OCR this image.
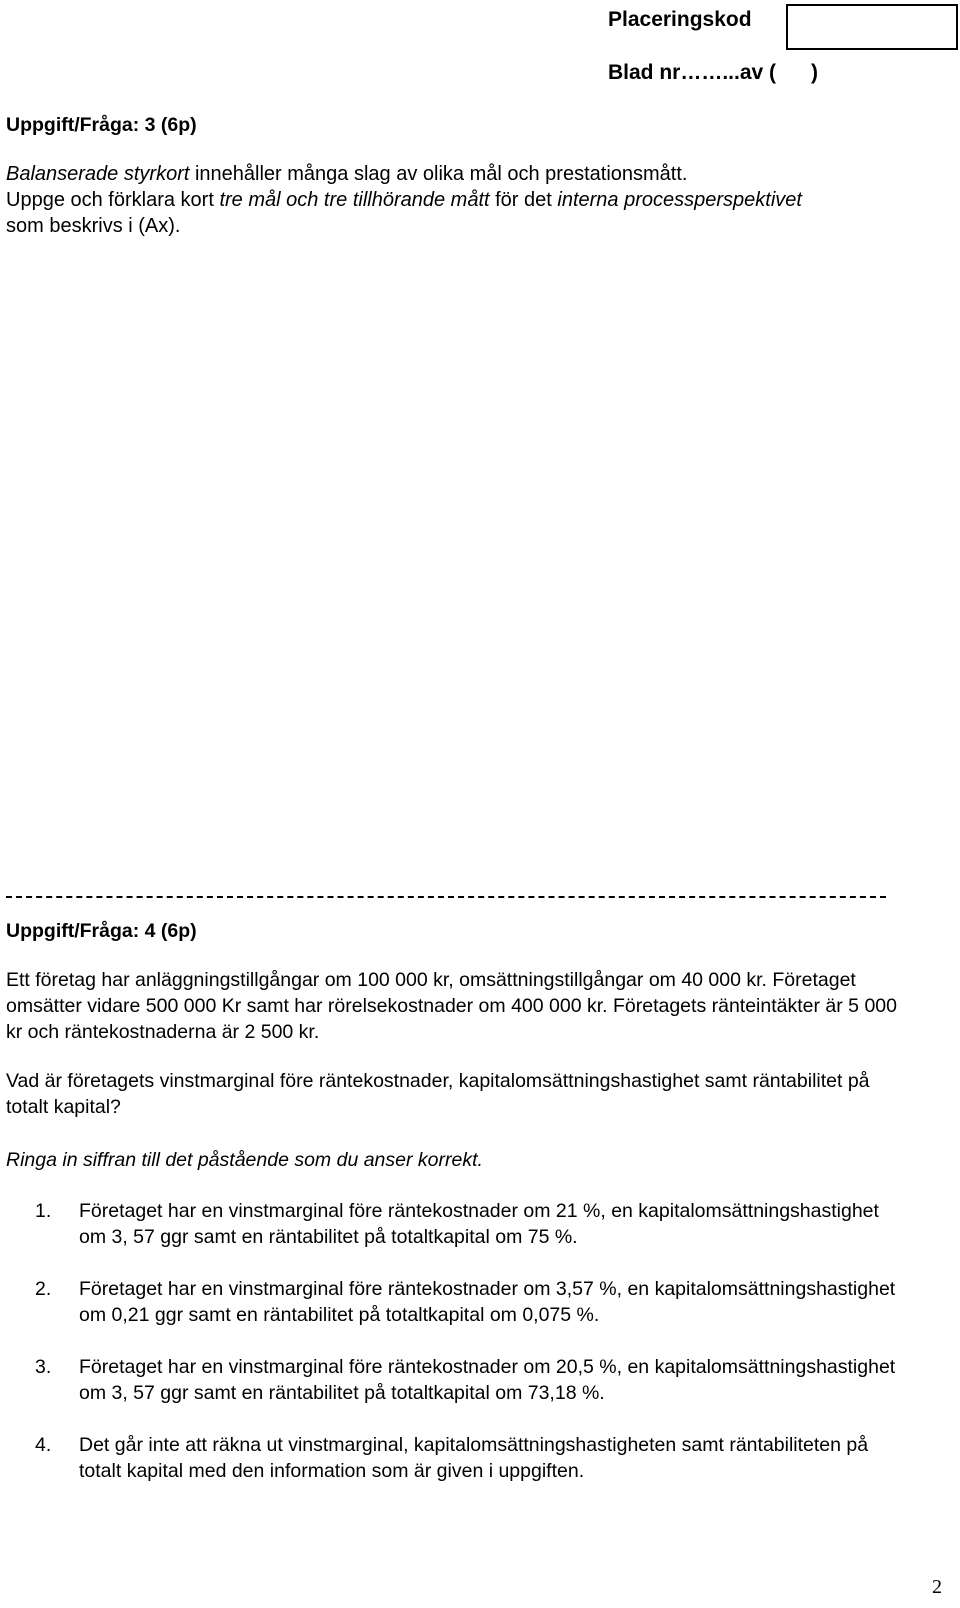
Placeringskod
Blad nr……...av (      )
Uppgift/Fråga: 3 (6p)
Balanserade styrkort innehåller många slag av olika mål och prestationsmått.
Uppge och förklara kort tre mål och tre tillhörande mått för det interna processperspektivet
som beskrivs i (Ax).
Uppgift/Fråga: 4 (6p)
Ett företag har anläggningstillgångar om 100 000 kr, omsättningstillgångar om 40 000 kr. Företaget omsätter vidare 500 000 Kr samt har rörelsekostnader om 400 000 kr. Företagets ränteintäkter är 5 000 kr och räntekostnaderna är 2 500 kr.
Vad är företagets vinstmarginal före räntekostnader, kapitalomsättningshastighet samt räntabilitet på totalt kapital?
Ringa in siffran till det påstående som du anser korrekt.
1.	Företaget har en vinstmarginal före räntekostnader om 21 %, en kapitalomsättningshastighet om 3, 57 ggr samt en räntabilitet på totaltkapital om 75 %.
2.	Företaget har en vinstmarginal före räntekostnader om 3,57 %, en kapitalomsättningshastighet om 0,21 ggr samt en räntabilitet på totaltkapital om 0,075 %.
3.	Företaget har en vinstmarginal före räntekostnader om 20,5 %, en kapitalomsättningshastighet om 3, 57 ggr samt en räntabilitet på totaltkapital om 73,18 %.
4.	Det går inte att räkna ut vinstmarginal, kapitalomsättningshastigheten samt räntabiliteten på totalt kapital med den information som är given i uppgiften.
2
